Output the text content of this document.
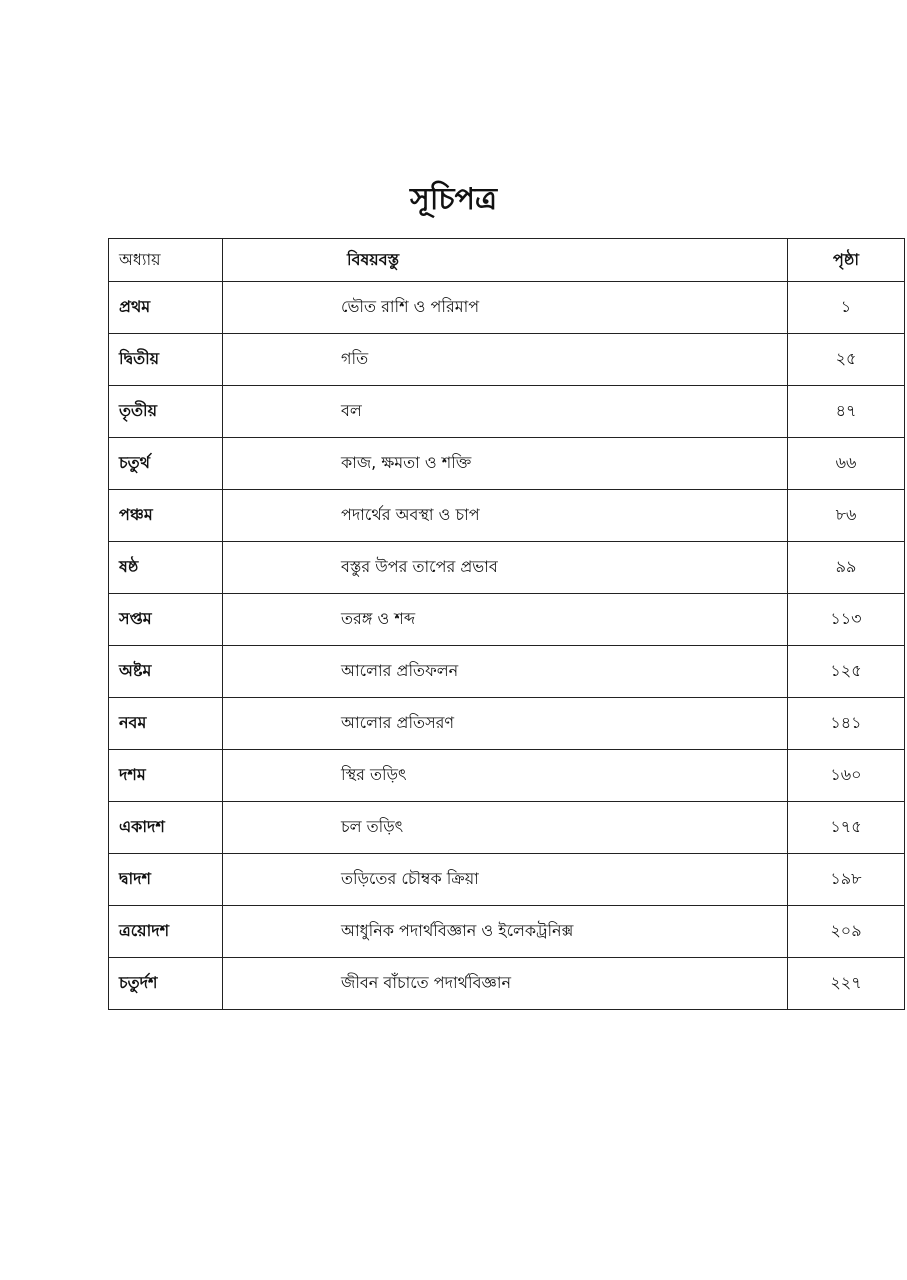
সূচিপত্র
অধ্যায়	বিষয়বস্তু	পৃষ্ঠা
প্রথম	ভৌত রাশি ও পরিমাপ	১
দ্বিতীয়	গতি	২৫
তৃতীয়	বল	৪৭
চতুর্থ	কাজ, ক্ষমতা ও শক্তি	৬৬
পঞ্চম	পদার্থের অবস্থা ও চাপ	৮৬
ষষ্ঠ	বস্তুর উপর তাপের প্রভাব	৯৯
সপ্তম	তরঙ্গ ও শব্দ	১১৩
অষ্টম	আলোর প্রতিফলন	১২৫
নবম	আলোর প্রতিসরণ	১৪১
দশম	স্থির তড়িৎ	১৬০
একাদশ	চল তড়িৎ	১৭৫
দ্বাদশ	তড়িতের চৌম্বক ক্রিয়া	১৯৮
ত্রয়োদশ	আধুনিক পদার্থবিজ্ঞান ও ইলেকট্রনিক্স	২০৯
চতুর্দশ	জীবন বাঁচাতে পদার্থবিজ্ঞান	২২৭
